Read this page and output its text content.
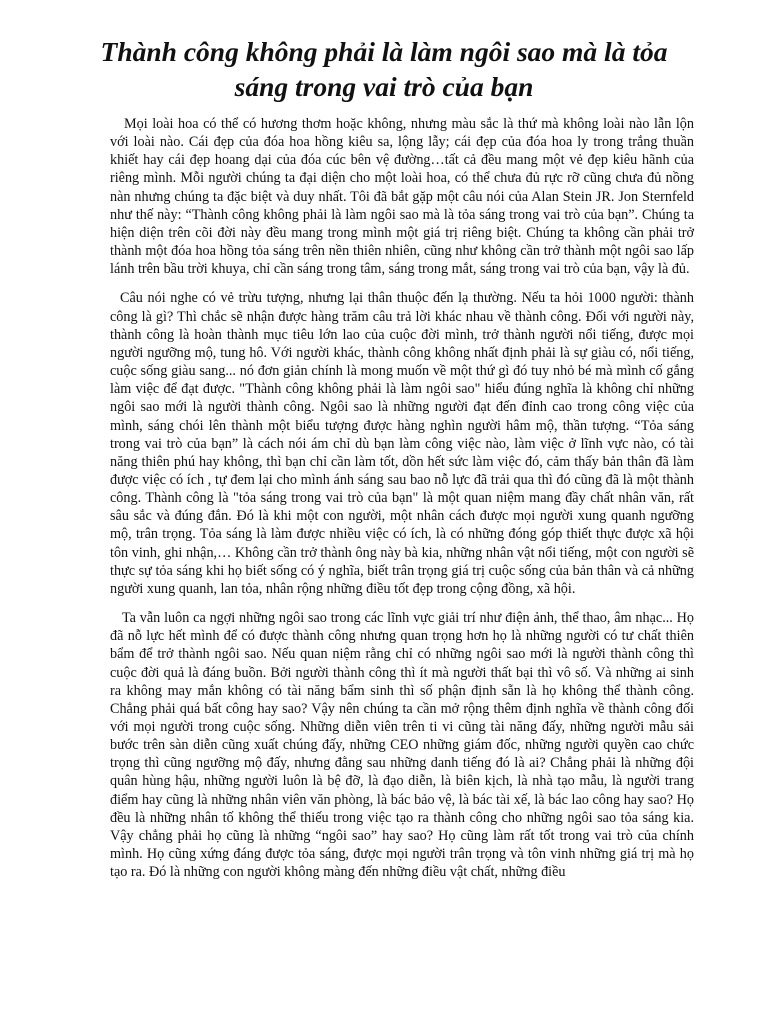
Thành công không phải là làm ngôi sao mà là tỏa sáng trong vai trò của bạn

Mọi loài hoa có thể có hương thơm hoặc không, nhưng màu sắc là thứ mà không loài nào lẫn lộn với loài nào. Cái đẹp của đóa hoa hồng kiêu sa, lộng lẫy; cái đẹp của đóa hoa ly trong trắng thuần khiết hay cái đẹp hoang dại của đóa cúc bên vệ đường…tất cả đều mang một vẻ đẹp kiêu hãnh của riêng mình. Mỗi người chúng ta đại diện cho một loài hoa, có thể chưa đủ rực rỡ cũng chưa đủ nồng nàn nhưng chúng ta đặc biệt và duy nhất. Tôi đã bắt gặp một câu nói của Alan Stein JR. Jon Sternfeld như thế này: “Thành công không phải là làm ngôi sao mà là tỏa sáng trong vai trò của bạn”. Chúng ta hiện diện trên cõi đời này đều mang trong mình một giá trị riêng biệt. Chúng ta không cần phải trở thành một đóa hoa hồng tỏa sáng trên nền thiên nhiên, cũng như không cần trở thành một ngôi sao lấp lánh trên bầu trời khuya, chỉ cần sáng trong tâm, sáng trong mắt, sáng trong vai trò của bạn, vậy là đủ.

Câu nói nghe có vẻ trừu tượng, nhưng lại thân thuộc đến lạ thường. Nếu ta hỏi 1000 người: thành công là gì? Thì chắc sẽ nhận được hàng trăm câu trả lời khác nhau về thành công. Đối với người này, thành công là hoàn thành mục tiêu lớn lao của cuộc đời mình, trở thành người nổi tiếng, được mọi người ngưỡng mộ, tung hô. Với người khác, thành công không nhất định phải là sự giàu có, nổi tiếng, cuộc sống giàu sang... nó đơn giản chính là mong muốn về một thứ gì đó tuy nhỏ bé mà mình cố gắng làm việc để đạt được. "Thành công không phải là làm ngôi sao" hiểu đúng nghĩa là không chỉ những ngôi sao mới là người thành công. Ngôi sao là những người đạt đến đỉnh cao trong công việc của mình, sáng chói lên thành một biểu tượng được hàng nghìn người hâm mộ, thần tượng. “Tỏa sáng trong vai trò của bạn” là cách nói ám chỉ dù bạn làm công việc nào, làm việc ở lĩnh vực nào, có tài năng thiên phú hay không, thì bạn chỉ cần làm tốt, dồn hết sức làm việc đó, cảm thấy bản thân đã làm được việc có ích , tự đem lại cho mình ánh sáng sau bao nỗ lực đã trải qua thì đó cũng đã là một thành công. Thành công là "tỏa sáng trong vai trò của bạn" là một quan niệm mang đầy chất nhân văn, rất sâu sắc và đúng đắn. Đó là khi một con người, một nhân cách được mọi người xung quanh ngưỡng mộ, trân trọng. Tỏa sáng là làm được nhiều việc có ích, là có những đóng góp thiết thực được xã hội tôn vinh, ghi nhận,… Không cần trở thành ông này bà kia, những nhân vật nổi tiếng, một con người sẽ thực sự tỏa sáng khi họ biết sống có ý nghĩa, biết trân trọng giá trị cuộc sống của bản thân và cả những người xung quanh, lan tỏa, nhân rộng những điều tốt đẹp trong cộng đồng, xã hội.

Ta vẫn luôn ca ngợi những ngôi sao trong các lĩnh vực giải trí như điện ảnh, thể thao, âm nhạc... Họ đã nỗ lực hết mình để có được thành công nhưng quan trọng hơn họ là những người có tư chất thiên bẩm để trở thành ngôi sao. Nếu quan niệm rằng chỉ có những ngôi sao mới là người thành công thì cuộc đời quả là đáng buồn. Bởi người thành công thì ít mà người thất bại thì vô số. Và những ai sinh ra không may mắn không có tài năng bẩm sinh thì số phận định sẵn là họ không thể thành công. Chẳng phải quá bất công hay sao? Vậy nên chúng ta cần mở rộng thêm định nghĩa về thành công đối với mọi người trong cuộc sống. Những diễn viên trên ti vi cũng tài năng đấy, những người mẫu sải bước trên sàn diễn cũng xuất chúng đấy, những CEO những giám đốc, những người quyền cao chức trọng thì cũng ngưỡng mộ đấy, nhưng đằng sau những danh tiếng đó là ai? Chẳng phải là những đội quân hùng hậu, những người luôn là bệ đỡ, là đạo diễn, là biên kịch, là nhà tạo mẫu, là người trang điểm hay cũng là những nhân viên văn phòng, là bác bảo vệ, là bác tài xế, là bác lao công hay sao? Họ đều là những nhân tố không thể thiếu trong việc tạo ra thành công cho những ngôi sao tỏa sáng kia. Vậy chẳng phải họ cũng là những “ngôi sao” hay sao? Họ cũng làm rất tốt trong vai trò của chính mình. Họ cũng xứng đáng được tỏa sáng, được mọi người trân trọng và tôn vinh những giá trị mà họ tạo ra. Đó là những con người không màng đến những điều vật chất, những điều
